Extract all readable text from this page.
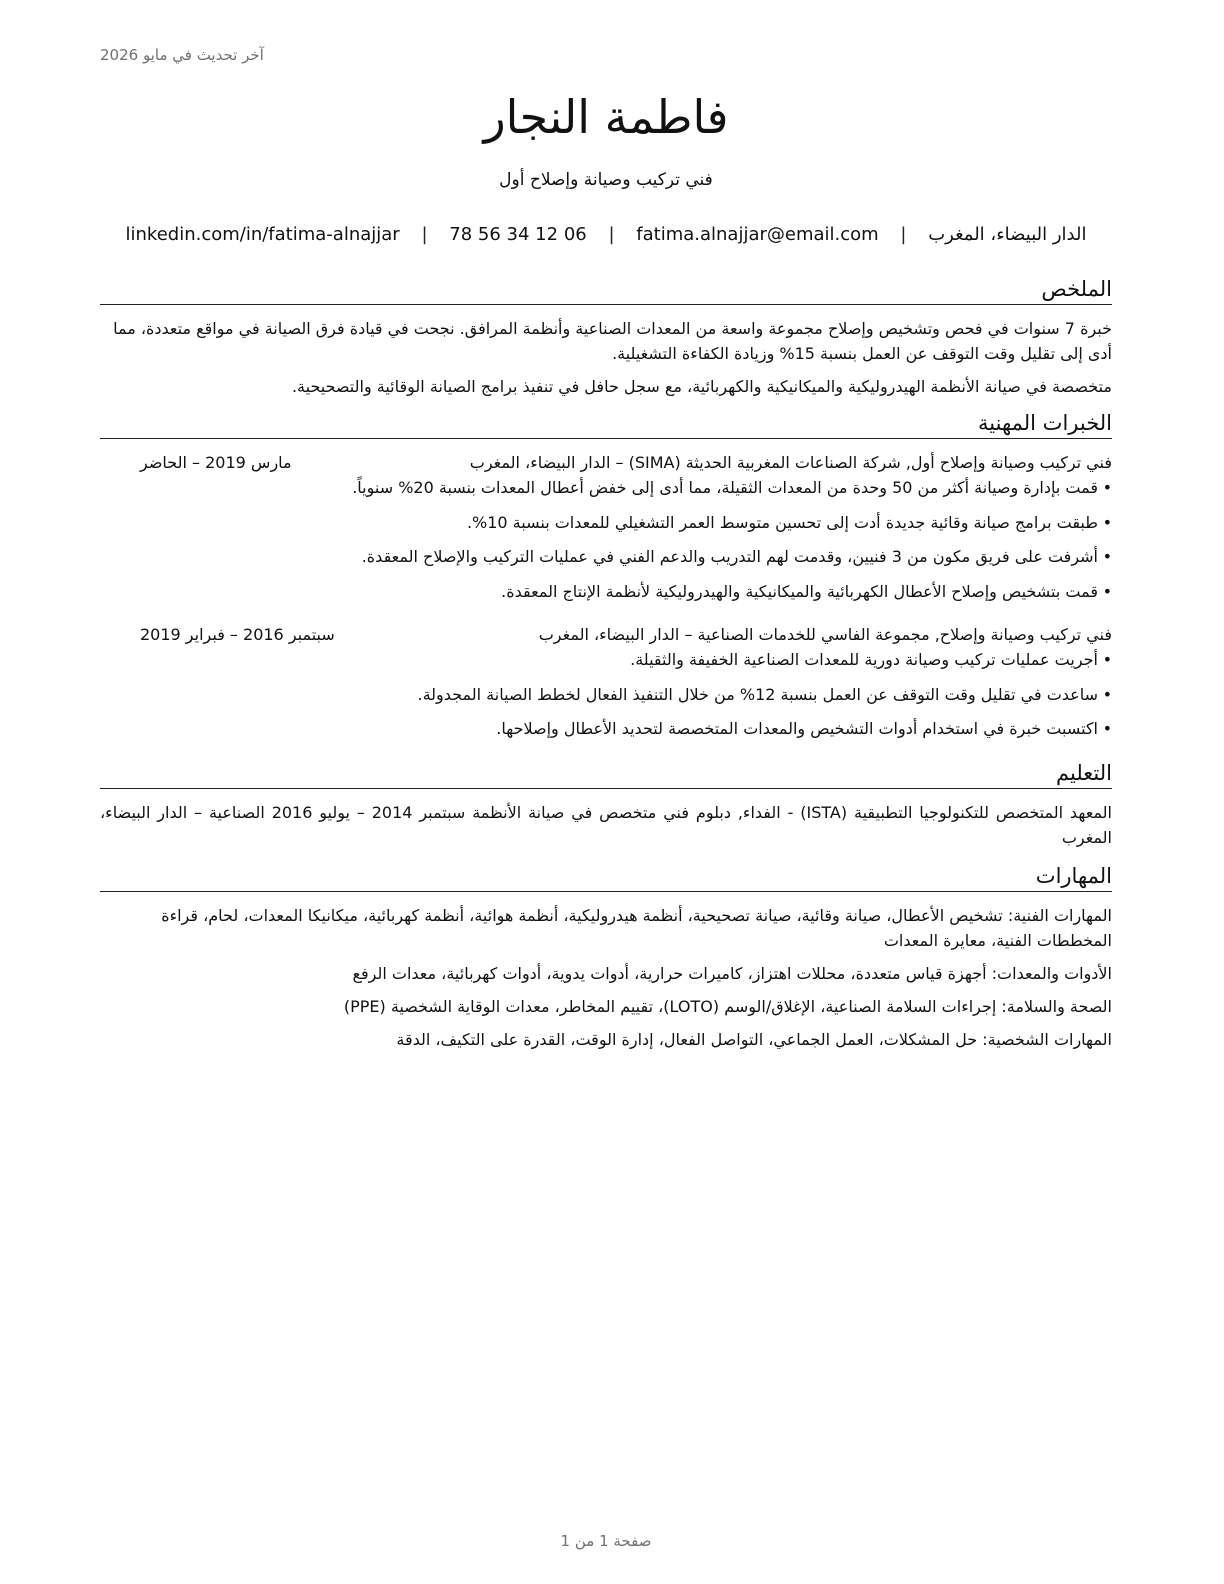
آخر تحديث في مايو 2026
فاطمة النجار

فني تركيب وصيانة وإصلاح أول

الدار البيضاء، المغرب | fatima.alnajjar@email.com | 06 12 34 56 78 | linkedin.com/in/fatima-alnajjar
الملخص

خبرة 7 سنوات في فحص وتشخيص وإصلاح مجموعة واسعة من المعدات الصناعية وأنظمة المرافق. نجحت في قيادة فرق الصيانة في مواقع متعددة، مما أدى إلى تقليل وقت التوقف عن العمل بنسبة 15% وزيادة الكفاءة التشغيلية.

متخصصة في صيانة الأنظمة الهيدروليكية والميكانيكية والكهربائية، مع سجل حافل في تنفيذ برامج الصيانة الوقائية والتصحيحية.

الخبرات المهنية
فني تركيب وصيانة وإصلاح أول, شركة الصناعات المغربية الحديثة (SIMA) – الدار البيضاء، المغرب
مارس 2019 – الحاضر
• قمت بإدارة وصيانة أكثر من 50 وحدة من المعدات الثقيلة، مما أدى إلى خفض أعطال المعدات بنسبة 20% سنوياً.
• طبقت برامج صيانة وقائية جديدة أدت إلى تحسين متوسط العمر التشغيلي للمعدات بنسبة 10%.
• أشرفت على فريق مكون من 3 فنيين، وقدمت لهم التدريب والدعم الفني في عمليات التركيب والإصلاح المعقدة.
• قمت بتشخيص وإصلاح الأعطال الكهربائية والميكانيكية والهيدروليكية لأنظمة الإنتاج المعقدة.
فني تركيب وصيانة وإصلاح, مجموعة الفاسي للخدمات الصناعية – الدار البيضاء، المغرب
سبتمبر 2016 – فبراير 2019
• أجريت عمليات تركيب وصيانة دورية للمعدات الصناعية الخفيفة والثقيلة.
• ساعدت في تقليل وقت التوقف عن العمل بنسبة 12% من خلال التنفيذ الفعال لخطط الصيانة المجدولة.
• اكتسبت خبرة في استخدام أدوات التشخيص والمعدات المتخصصة لتحديد الأعطال وإصلاحها.
التعليم
المعهد المتخصص للتكنولوجيا التطبيقية (ISTA) - الفداء, دبلوم فني متخصص في صيانة الأنظمة سبتمبر 2014 – يوليو 2016 الصناعية – الدار البيضاء، المغرب
المهارات
المهارات الفنية: تشخيص الأعطال، صيانة وقائية، صيانة تصحيحية، أنظمة هيدروليكية، أنظمة هوائية، أنظمة كهربائية، ميكانيكا المعدات، لحام، قراءة المخططات الفنية، معايرة المعدات
الأدوات والمعدات: أجهزة قياس متعددة، محللات اهتزاز، كاميرات حرارية، أدوات يدوية، أدوات كهربائية، معدات الرفع
الصحة والسلامة: إجراءات السلامة الصناعية، الإغلاق/الوسم (LOTO)، تقييم المخاطر، معدات الوقاية الشخصية (PPE)
المهارات الشخصية: حل المشكلات، العمل الجماعي، التواصل الفعال، إدارة الوقت، القدرة على التكيف، الدقة
صفحة 1 من 1
